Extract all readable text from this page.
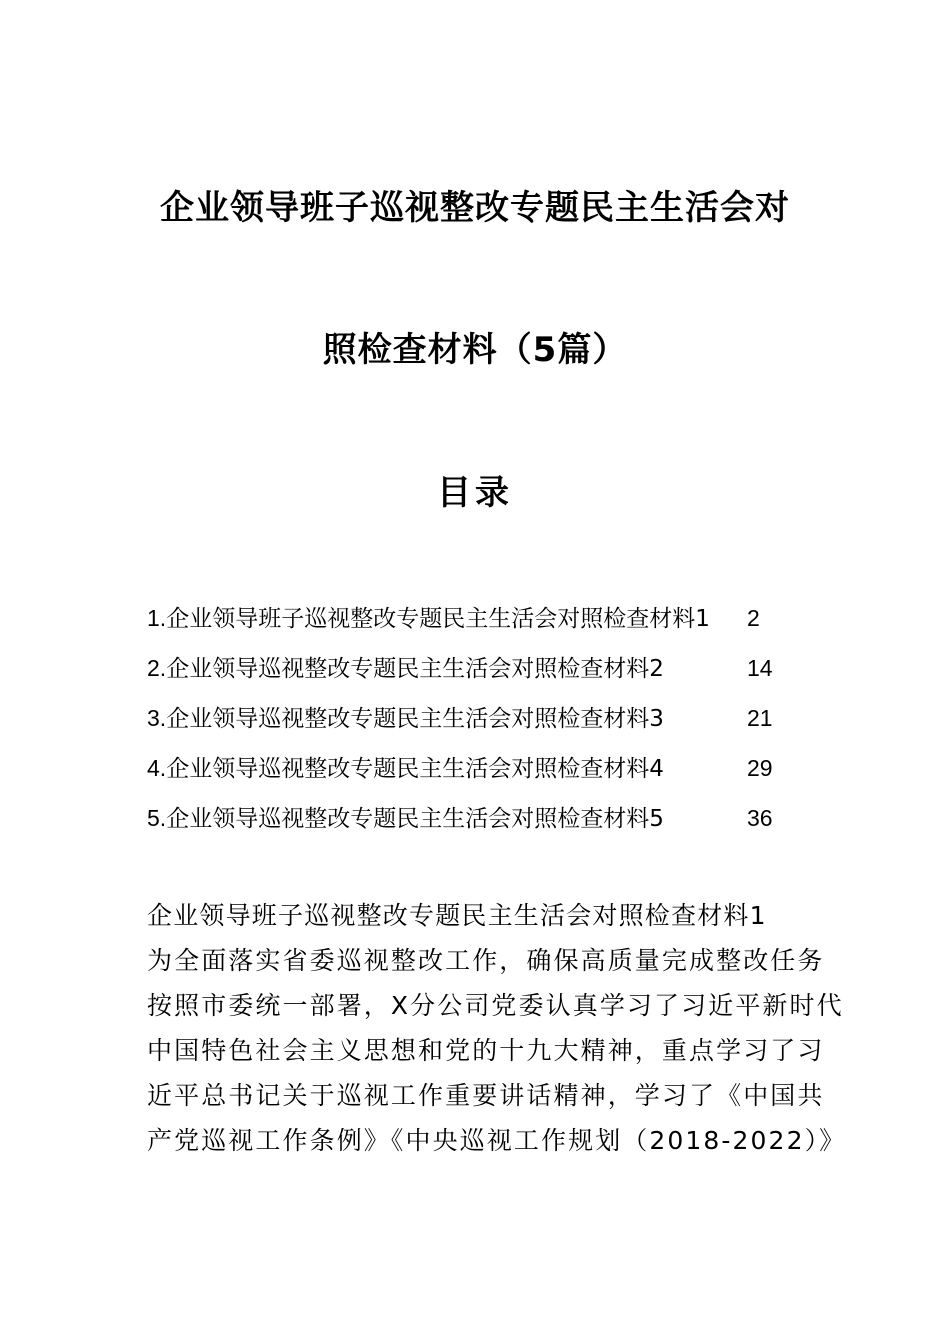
企业领导班子巡视整改专题民主生活会对
照检查材料（5篇）
目录
1.企业领导班子巡视整改专题民主生活会对照检查材料1 2
2.企业领导巡视整改专题民主生活会对照检查材料2	14
3.企业领导巡视整改专题民主生活会对照检查材料3	21
4.企业领导巡视整改专题民主生活会对照检查材料4	29
5.企业领导巡视整改专题民主生活会对照检查材料5	36
企业领导班子巡视整改专题民主生活会对照检查材料1
为全面落实省委巡视整改工作，确保高质量完成整改任务
按照市委统一部署，X分公司党委认真学习了习近平新时代
中国特色社会主义思想和党的十九大精神，重点学习了习
近平总书记关于巡视工作重要讲话精神，学习了《中国共
产党巡视工作条例》《中央巡视工作规划（2018-2022）》
